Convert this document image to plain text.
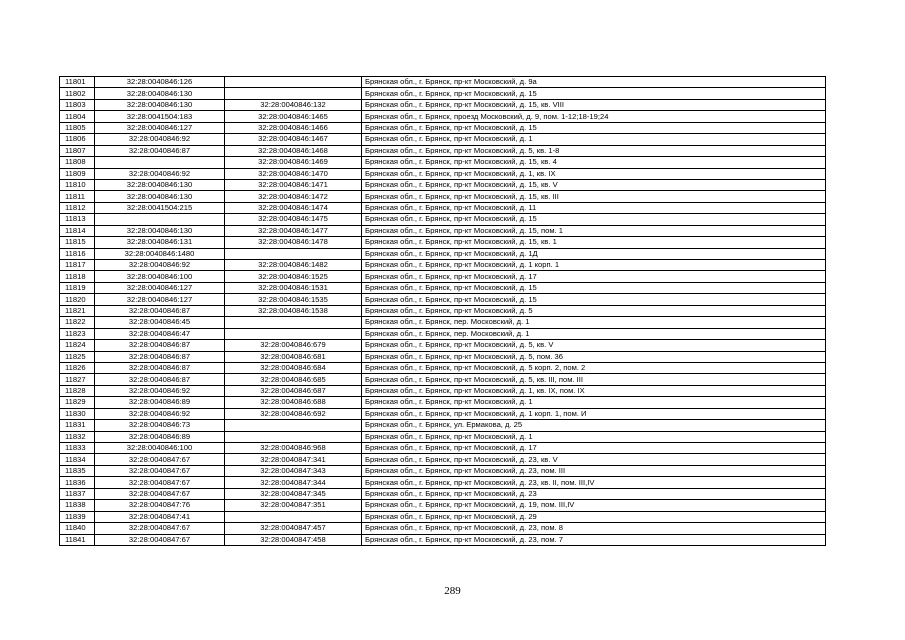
11801	32:28:0040846:126		Брянская обл., г. Брянск, пр-кт Московский, д. 9а
11802	32:28:0040846:130		Брянская обл., г. Брянск, пр-кт Московский, д. 15
11803	32:28:0040846:130	32:28:0040846:132	Брянская обл., г. Брянск, пр-кт Московский, д. 15, кв. VIII
11804	32:28:0041504:183	32:28:0040846:1465	Брянская обл., г. Брянск, проезд Московский, д. 9, пом. 1-12;18-19;24
11805	32:28:0040846:127	32:28:0040846:1466	Брянская обл., г. Брянск, пр-кт Московский, д. 15
11806	32:28:0040846:92	32:28:0040846:1467	Брянская обл., г. Брянск, пр-кт Московский, д. 1
11807	32:28:0040846:87	32:28:0040846:1468	Брянская обл., г. Брянск, пр-кт Московский, д. 5, кв. 1-8
11808		32:28:0040846:1469	Брянская обл., г. Брянск, пр-кт Московский, д. 15, кв. 4
11809	32:28:0040846:92	32:28:0040846:1470	Брянская обл., г. Брянск, пр-кт Московский, д. 1, кв. IX
11810	32:28:0040846:130	32:28:0040846:1471	Брянская обл., г. Брянск, пр-кт Московский, д. 15, кв. V
11811	32:28:0040846:130	32:28:0040846:1472	Брянская обл., г. Брянск, пр-кт Московский, д. 15, кв. III
11812	32:28:0041504:215	32:28:0040846:1474	Брянская обл., г. Брянск, пр-кт Московский, д. 11
11813		32:28:0040846:1475	Брянская обл., г. Брянск, пр-кт Московский, д. 15
11814	32:28:0040846:130	32:28:0040846:1477	Брянская обл., г. Брянск, пр-кт Московский, д. 15, пом. 1
11815	32:28:0040846:131	32:28:0040846:1478	Брянская обл., г. Брянск, пр-кт Московский, д. 15, кв. 1
11816	32:28:0040846:1480		Брянская обл., г. Брянск, пр-кт Московский, д. 1Д
11817	32:28:0040846:92	32:28:0040846:1482	Брянская обл., г. Брянск, пр-кт Московский, д. 1 корп. 1
11818	32:28:0040846:100	32:28:0040846:1525	Брянская обл., г. Брянск, пр-кт Московский, д. 17
11819	32:28:0040846:127	32:28:0040846:1531	Брянская обл., г. Брянск, пр-кт Московский, д. 15
11820	32:28:0040846:127	32:28:0040846:1535	Брянская обл., г. Брянск, пр-кт Московский, д. 15
11821	32:28:0040846:87	32:28:0040846:1538	Брянская обл., г. Брянск, пр-кт Московский, д. 5
11822	32:28:0040846:45		Брянская обл., г. Брянск, пер. Московский, д. 1
11823	32:28:0040846:47		Брянская обл., г. Брянск, пер. Московский, д. 1
11824	32:28:0040846:87	32:28:0040846:679	Брянская обл., г. Брянск, пр-кт Московский, д. 5, кв. V
11825	32:28:0040846:87	32:28:0040846:681	Брянская обл., г. Брянск, пр-кт Московский, д. 5, пом. 36
11826	32:28:0040846:87	32:28:0040846:684	Брянская обл., г. Брянск, пр-кт Московский, д. 5 корп. 2, пом. 2
11827	32:28:0040846:87	32:28:0040846:685	Брянская обл., г. Брянск, пр-кт Московский, д. 5, кв. III, пом. III
11828	32:28:0040846:92	32:28:0040846:687	Брянская обл., г. Брянск, пр-кт Московский, д. 1, кв. IX, пом. IX
11829	32:28:0040846:89	32:28:0040846:688	Брянская обл., г. Брянск, пр-кт Московский, д. 1
11830	32:28:0040846:92	32:28:0040846:692	Брянская обл., г. Брянск, пр-кт Московский, д. 1 корп. 1, пом. И
11831	32:28:0040846:73		Брянская обл., г. Брянск, ул. Ермакова, д. 25
11832	32:28:0040846:89		Брянская обл., г. Брянск, пр-кт Московский, д. 1
11833	32:28:0040846:100	32:28:0040846:968	Брянская обл., г. Брянск, пр-кт Московский, д. 17
11834	32:28:0040847:67	32:28:0040847:341	Брянская обл., г. Брянск, пр-кт Московский, д. 23, кв. V
11835	32:28:0040847:67	32:28:0040847:343	Брянская обл., г. Брянск, пр-кт Московский, д. 23, пом. III
11836	32:28:0040847:67	32:28:0040847:344	Брянская обл., г. Брянск, пр-кт Московский, д. 23, кв. II, пом. III,IV
11837	32:28:0040847:67	32:28:0040847:345	Брянская обл., г. Брянск, пр-кт Московский, д. 23
11838	32:28:0040847:76	32:28:0040847:351	Брянская обл., г. Брянск, пр-кт Московский, д. 19, пом. III,IV
11839	32:28:0040847:41		Брянская обл., г. Брянск, пр-кт Московский, д. 29
11840	32:28:0040847:67	32:28:0040847:457	Брянская обл., г. Брянск, пр-кт Московский, д. 23, пом. 8
11841	32:28:0040847:67	32:28:0040847:458	Брянская обл., г. Брянск, пр-кт Московский, д. 23, пом. 7
289
